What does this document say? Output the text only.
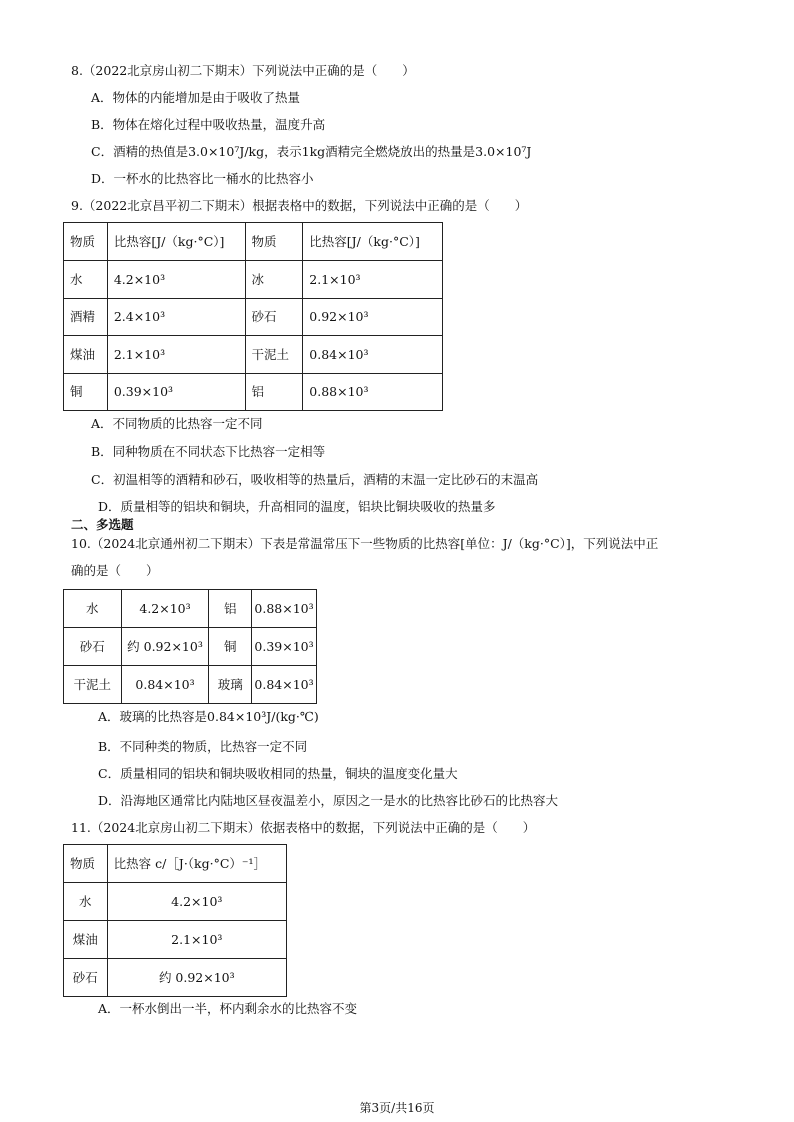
8.（2022北京房山初二下期末）下列说法中正确的是（　　）
A．物体的内能增加是由于吸收了热量
B．物体在熔化过程中吸收热量，温度升高
C．酒精的热值是3.0×10⁷J/kg，表示1kg酒精完全燃烧放出的热量是3.0×10⁷J
D．一杯水的比热容比一桶水的比热容小
9.（2022北京昌平初二下期末）根据表格中的数据，下列说法中正确的是（　　）
物质	比热容[J/（kg·°C）]	物质	比热容[J/（kg·°C）]
水	4.2×10³	冰	2.1×10³
酒精	2.4×10³	砂石	0.92×10³
煤油	2.1×10³	干泥土	0.84×10³
铜	0.39×10³	铝	0.88×10³
A．不同物质的比热容一定不同
B．同种物质在不同状态下比热容一定相等
C．初温相等的酒精和砂石，吸收相等的热量后，酒精的末温一定比砂石的末温高
D．质量相等的铝块和铜块，升高相同的温度，铝块比铜块吸收的热量多
二、多选题
10.（2024北京通州初二下期末）下表是常温常压下一些物质的比热容[单位：J/（kg·°C）]，下列说法中正
确的是（　　）
水	4.2×10³	铝	0.88×10³
砂石	约 0.92×10³	铜	0.39×10³
干泥土	0.84×10³	玻璃	0.84×10³
A．玻璃的比热容是0.84×10³J/(kg·℃)
B．不同种类的物质，比热容一定不同
C．质量相同的铝块和铜块吸收相同的热量，铜块的温度变化量大
D．沿海地区通常比内陆地区昼夜温差小，原因之一是水的比热容比砂石的比热容大
11.（2024北京房山初二下期末）依据表格中的数据，下列说法中正确的是（　　）
物质	比热容 c/［J·（kg·°C）⁻¹］
水	4.2×10³
煤油	2.1×10³
砂石	约 0.92×10³
A．一杯水倒出一半，杯内剩余水的比热容不变
第3页/共16页
